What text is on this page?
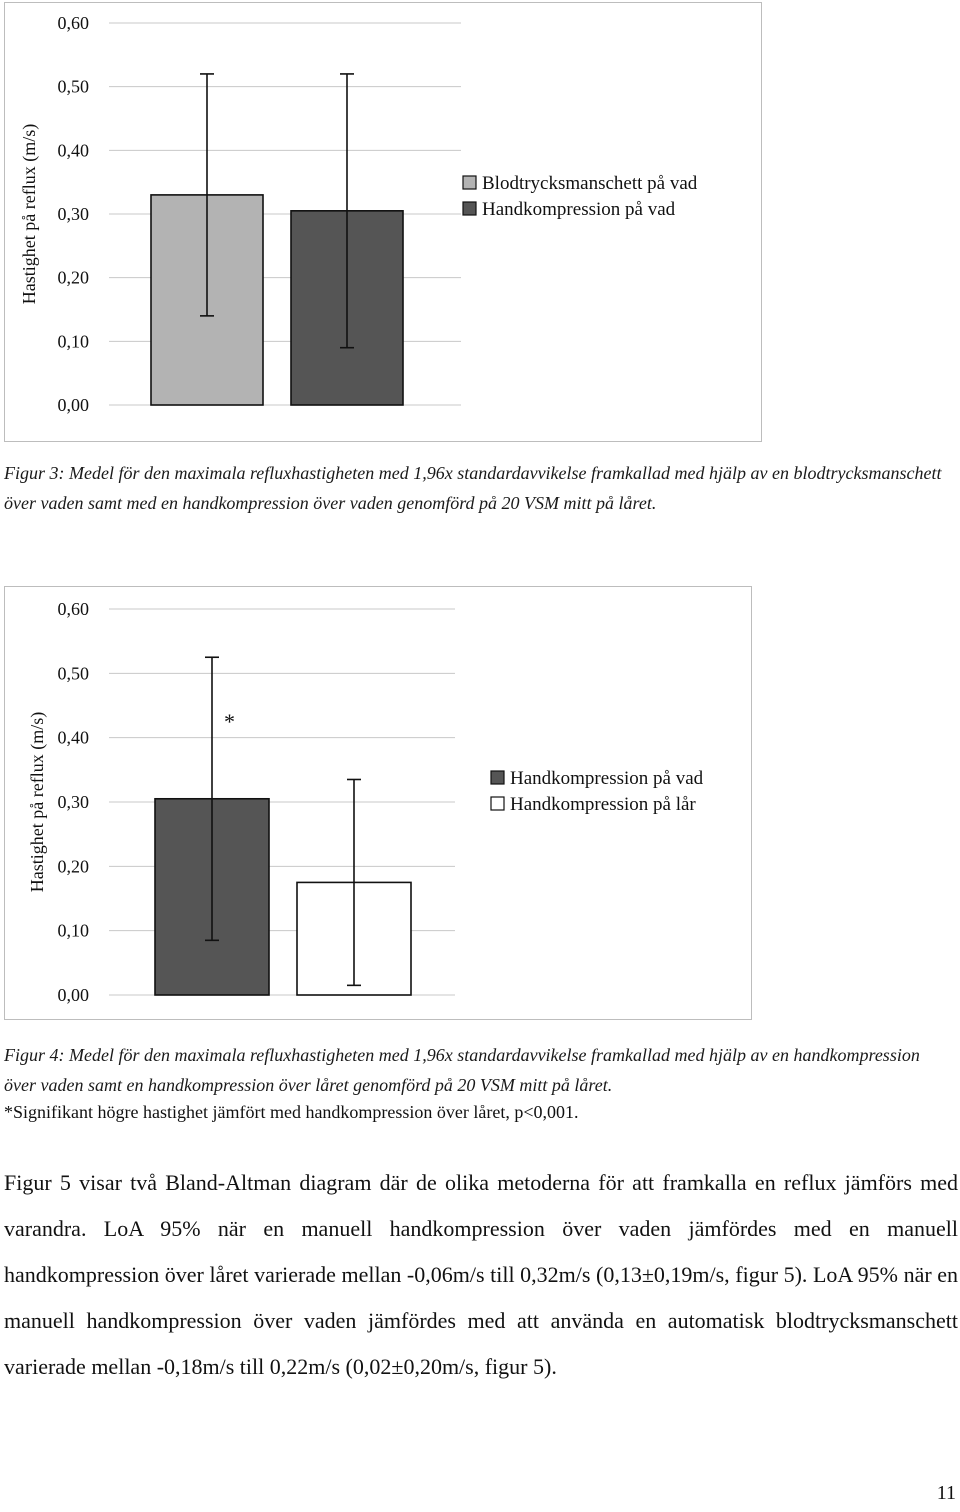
0,00
0,10
0,20
0,30
0,40
0,50
0,60
Hastighet på reflux (m/s)	Blodtrycksmanschett på vad
Handkompression på vad

Figur 3: Medel för den maximala refluxhastigheten med 1,96x standardavvikelse framkallad med hjälp av en blodtrycksmanschett över vaden samt med en handkompression över vaden genomförd på 20 VSM mitt på låret.

0,00
0,10
0,20
0,30
0,40
0,50
0,60
Hastighet på reflux (m/s)	*
Handkompression på vad
Handkompression på lår

Figur 4: Medel för den maximala refluxhastigheten med 1,96x standardavvikelse framkallad med hjälp av en handkompression över vaden samt en handkompression över låret genomförd på 20 VSM mitt på låret.

*Signifikant högre hastighet jämfört med handkompression över låret, p<0,001.

Figur 5 visar två Bland-Altman diagram där de olika metoderna för att framkalla en reflux jämförs med varandra. LoA 95% när en manuell handkompression över vaden jämfördes med en manuell handkompression över låret varierade mellan -0,06m/s till 0,32m/s (0,13±0,19m/s, figur 5). LoA 95% när en manuell handkompression över vaden jämfördes med att använda en automatisk blodtrycksmanschett varierade mellan -0,18m/s till 0,22m/s (0,02±0,20m/s, figur 5).

11
